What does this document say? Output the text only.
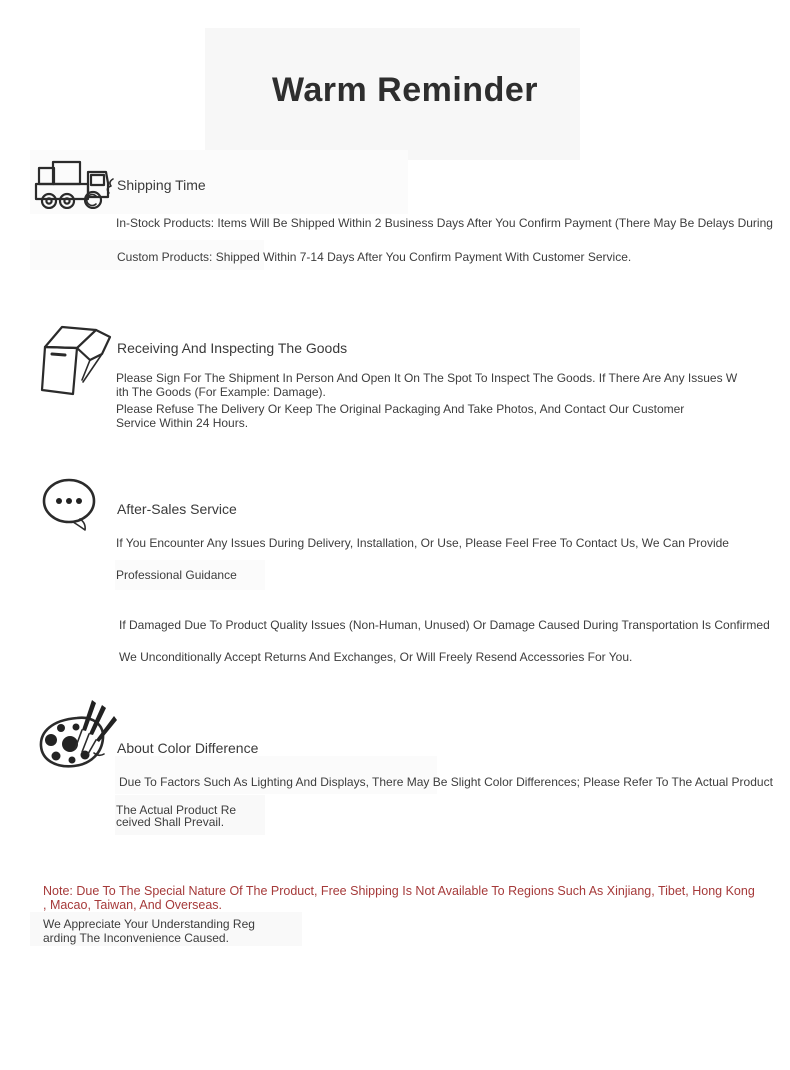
Warm Reminder
Shipping Time
In-Stock Products: Items Will Be Shipped Within 2 Business Days After You Confirm Payment (There May Be Delays During
Custom Products: Shipped Within 7-14 Days After You Confirm Payment With Customer Service.
Receiving And Inspecting The Goods
Please Sign For The Shipment In Person And Open It On The Spot To Inspect The Goods. If There Are Any Issues W
ith The Goods (For Example: Damage).
Please Refuse The Delivery Or Keep The Original Packaging And Take Photos, And Contact Our Customer
Service Within 24 Hours.
After-Sales Service
If You Encounter Any Issues During Delivery, Installation, Or Use, Please Feel Free To Contact Us, We Can Provide
Professional Guidance
If Damaged Due To Product Quality Issues (Non-Human, Unused) Or Damage Caused During Transportation Is Confirmed
We Unconditionally Accept Returns And Exchanges, Or Will Freely Resend Accessories For You.
About Color Difference
Due To Factors Such As Lighting And Displays, There May Be Slight Color Differences; Please Refer To The Actual Product
The Actual Product Re
ceived Shall Prevail.
Note: Due To The Special Nature Of The Product, Free Shipping Is Not Available To Regions Such As Xinjiang, Tibet, Hong Kong
, Macao, Taiwan, And Overseas.
We Appreciate Your Understanding Reg
arding The Inconvenience Caused.
